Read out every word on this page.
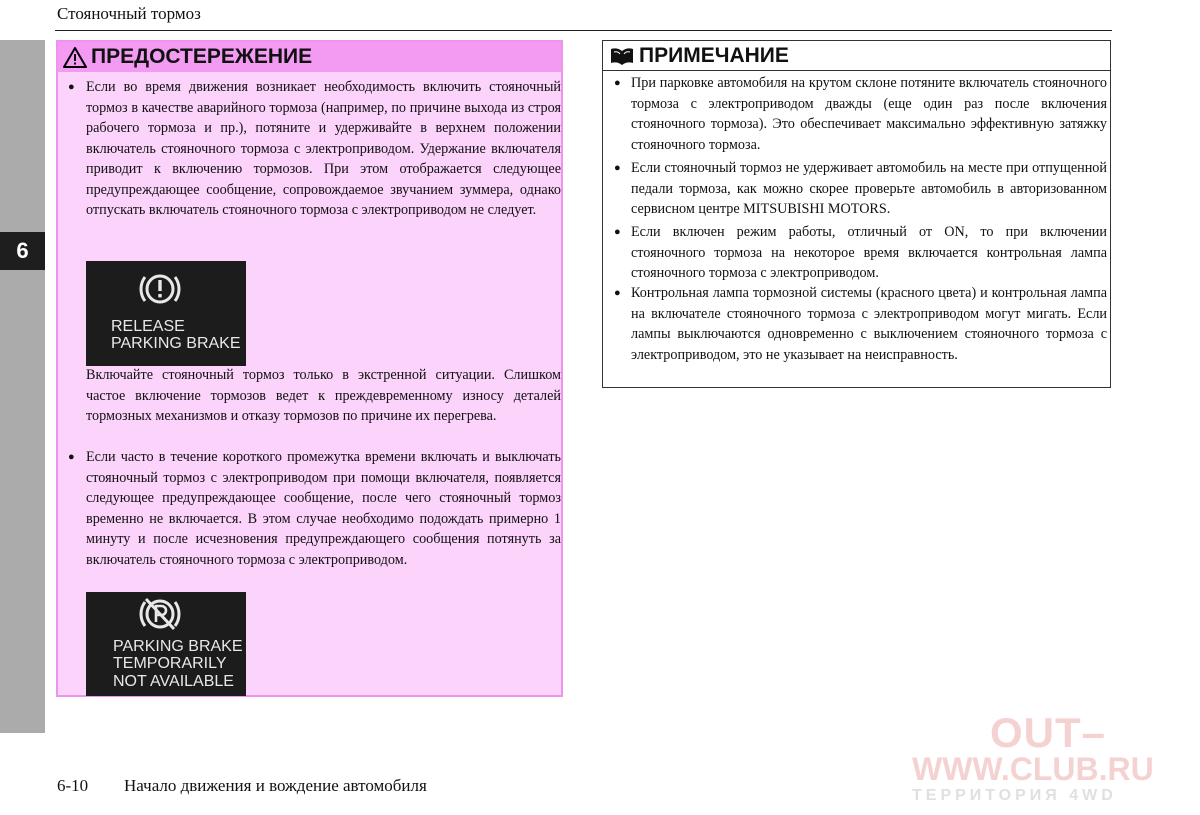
Стояночный тормоз
6
ПРЕДОСТЕРЕЖЕНИЕ
● Если во время движения возникает необходимость включить стояночный тормоз в качестве аварийного тормоза (например, по причине выхода из строя рабочего тормоза и пр.), потяните и удерживайте в верхнем положении включатель стояночного тормоза с электроприводом. Удержание включателя приводит к включению тормозов. При этом отображается следующее предупреждающее сообщение, сопровождаемое звучанием зуммера, однако отпускать включатель стояночного тормоза с электроприводом не следует.
RELEASE
PARKING BRAKE
Включайте стояночный тормоз только в экстренной ситуации. Слишком частое включение тормозов ведет к преждевременному износу деталей тормозных механизмов и отказу тормозов по причине их перегрева.
● Если часто в течение короткого промежутка времени включать и выключать стояночный тормоз с электроприводом при помощи включателя, появляется следующее предупреждающее сообщение, после чего стояночный тормоз временно не включается. В этом случае необходимо подождать примерно 1 минуту и после исчезновения предупреждающего сообщения потянуть за включатель стояночного тормоза с электроприводом.
PARKING BRAKE
TEMPORARILY
NOT AVAILABLE
ПРИМЕЧАНИЕ
● При парковке автомобиля на крутом склоне потяните включатель стояночного тормоза с электроприводом дважды (еще один раз после включения стояночного тормоза). Это обеспечивает максимально эффективную затяжку стояночного тормоза.
● Если стояночный тормоз не удерживает автомобиль на месте при отпущенной педали тормоза, как можно скорее проверьте автомобиль в авторизованном сервисном центре MITSUBISHI MOTORS.
● Если включен режим работы, отличный от ON, то при включении стояночного тормоза на некоторое время включается контрольная лампа стояночного тормоза с электроприводом.
● Контрольная лампа тормозной системы (красного цвета) и контрольная лампа на включателе стояночного тормоза с электроприводом могут мигать. Если лампы выключаются одновременно с выключением стояночного тормоза с электроприводом, это не указывает на неисправность.
6-10 Начало движения и вождение автомобиля
OUT–
WWW.CLUB.RU
ТЕРРИТОРИЯ 4WD
